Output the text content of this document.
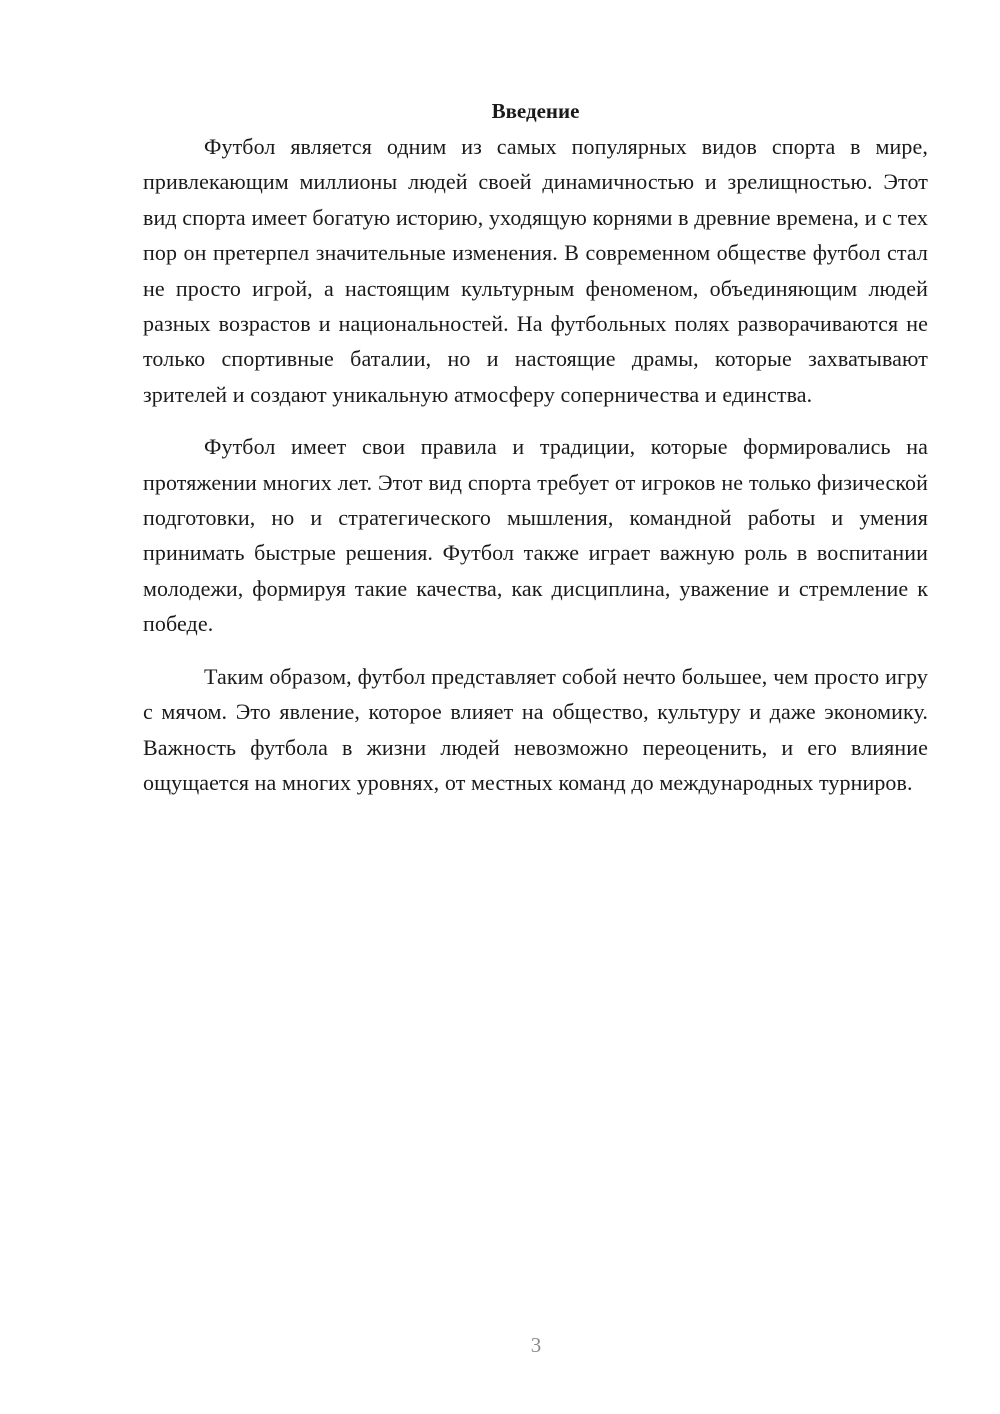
Введение

Футбол является одним из самых популярных видов спорта в мире, привлекающим миллионы людей своей динамичностью и зрелищностью. Этот вид спорта имеет богатую историю, уходящую корнями в древние времена, и с тех пор он претерпел значительные изменения. В современном обществе футбол стал не просто игрой, а настоящим культурным феноменом, объединяющим людей разных возрастов и национальностей. На футбольных полях разворачиваются не только спортивные баталии, но и настоящие драмы, которые захватывают зрителей и создают уникальную атмосферу соперничества и единства.

Футбол имеет свои правила и традиции, которые формировались на протяжении многих лет. Этот вид спорта требует от игроков не только физической подготовки, но и стратегического мышления, командной работы и умения принимать быстрые решения. Футбол также играет важную роль в воспитании молодежи, формируя такие качества, как дисциплина, уважение и стремление к победе.

Таким образом, футбол представляет собой нечто большее, чем просто игру с мячом. Это явление, которое влияет на общество, культуру и даже экономику. Важность футбола в жизни людей невозможно переоценить, и его влияние ощущается на многих уровнях, от местных команд до международных турниров.

3
